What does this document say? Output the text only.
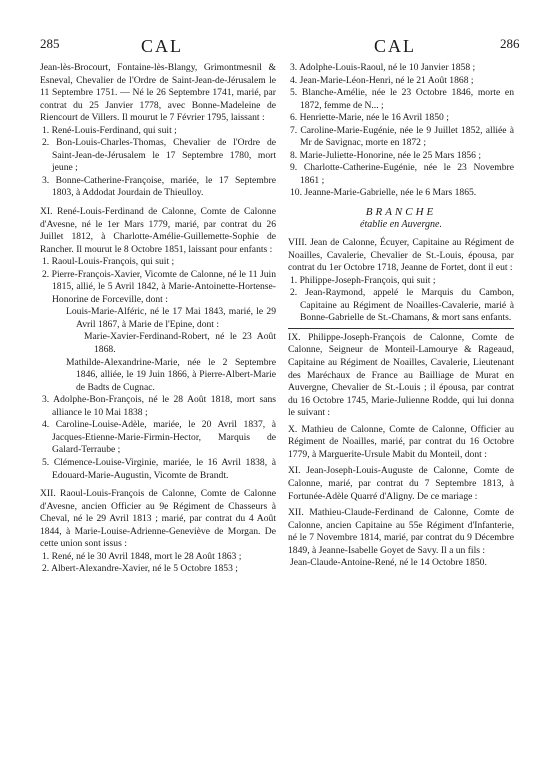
285	CAL	CAL	286

Jean-lès-Brocourt, Fontaine-lès-Blangy, Grimontmesnil & Esneval, Chevalier de l'Ordre de Saint-Jean-de-Jérusalem le 11 Septembre 1751. — Né le 26 Septembre 1741, marié, par contrat du 25 Janvier 1778, avec Bonne-Madeleine de Riencourt de Villers. Il mourut le 7 Février 1795, laissant :

1. René-Louis-Ferdinand, qui suit ;

2. Bon-Louis-Charles-Thomas, Chevalier de l'Ordre de Saint-Jean-de-Jérusalem le 17 Septembre 1780, mort jeune ;

3. Bonne-Catherine-Françoise, mariée, le 17 Septembre 1803, à Addodat Jourdain de Thieulloy.

XI. René-Louis-Ferdinand de Calonne, Comte de Calonne d'Avesne, né le 1er Mars 1779, marié, par contrat du 26 Juillet 1812, à Charlotte-Amélie-Guillemette-Sophie de Rancher. Il mourut le 8 Octobre 1851, laissant pour enfants :

1. Raoul-Louis-François, qui suit ;

2. Pierre-François-Xavier, Vicomte de Calonne, né le 11 Juin 1815, allié, le 5 Avril 1842, à Marie-Antoinette-Hortense-Honorine de Forceville, dont :

Louis-Marie-Alféric, né le 17 Mai 1843, marié, le 29 Avril 1867, à Marie de l'Epine, dont :

Marie-Xavier-Ferdinand-Robert, né le 23 Août 1868.

Mathilde-Alexandrine-Marie, née le 2 Septembre 1846, alliée, le 19 Juin 1866, à Pierre-Albert-Marie de Badts de Cugnac.

3. Adolphe-Bon-François, né le 28 Août 1818, mort sans alliance le 10 Mai 1838 ;

4. Caroline-Louise-Adèle, mariée, le 20 Avril 1837, à Jacques-Etienne-Marie-Firmin-Hector, Marquis de Galard-Terraube ;

5. Clémence-Louise-Virginie, mariée, le 16 Avril 1838, à Edouard-Marie-Augustin, Vicomte de Brandt.

XII. Raoul-Louis-François de Calonne, Comte de Calonne d'Avesne, ancien Officier au 9e Régiment de Chasseurs à Cheval, né le 29 Avril 1813 ; marié, par contrat du 4 Août 1844, à Marie-Louise-Adrienne-Geneviève de Morgan. De cette union sont issus :

1. René, né le 30 Avril 1848, mort le 28 Août 1863 ;

2. Albert-Alexandre-Xavier, né le 5 Octobre 1853 ;

3. Adolphe-Louis-Raoul, né le 10 Janvier 1858 ;

4. Jean-Marie-Léon-Henri, né le 21 Août 1868 ;

5. Blanche-Amélie, née le 23 Octobre 1846, morte en 1872, femme de N... ;

6. Henriette-Marie, née le 16 Avril 1850 ;

7. Caroline-Marie-Eugénie, née le 9 Juillet 1852, alliée à Mr de Savignac, morte en 1872 ;

8. Marie-Juliette-Honorine, née le 25 Mars 1856 ;

9. Charlotte-Catherine-Eugénie, née le 23 Novembre 1861 ;

10. Jeanne-Marie-Gabrielle, née le 6 Mars 1865.

BRANCHE

établie en Auvergne.

VIII. Jean de Calonne, Écuyer, Capitaine au Régiment de Noailles, Cavalerie, Chevalier de St.-Louis, épousa, par contrat du 1er Octobre 1718, Jeanne de Fortet, dont il eut :

1. Philippe-Joseph-François, qui suit ;

2. Jean-Raymond, appelé le Marquis du Cambon, Capitaine au Régiment de Noailles-Cavalerie, marié à Bonne-Gabrielle de St.-Chamans, & mort sans enfants.

IX. Philippe-Joseph-François de Calonne, Comte de Calonne, Seigneur de Monteil-Lamourye & Rageaud, Capitaine au Régiment de Noailles, Cavalerie, Lieutenant des Maréchaux de France au Bailliage de Murat en Auvergne, Chevalier de St.-Louis ; il épousa, par contrat du 16 Octobre 1745, Marie-Julienne Rodde, qui lui donna le suivant :

X. Mathieu de Calonne, Comte de Calonne, Officier au Régiment de Noailles, marié, par contrat du 16 Octobre 1779, à Marguerite-Ursule Mabit du Monteil, dont :

XI. Jean-Joseph-Louis-Auguste de Calonne, Comte de Calonne, marié, par contrat du 7 Septembre 1813, à Fortunée-Adèle Quarré d'Aligny. De ce mariage :

XII. Mathieu-Claude-Ferdinand de Calonne, Comte de Calonne, ancien Capitaine au 55e Régiment d'Infanterie, né le 7 Novembre 1814, marié, par contrat du 9 Décembre 1849, à Jeanne-Isabelle Goyet de Savy. Il a un fils :

Jean-Claude-Antoine-René, né le 14 Octobre 1850.
